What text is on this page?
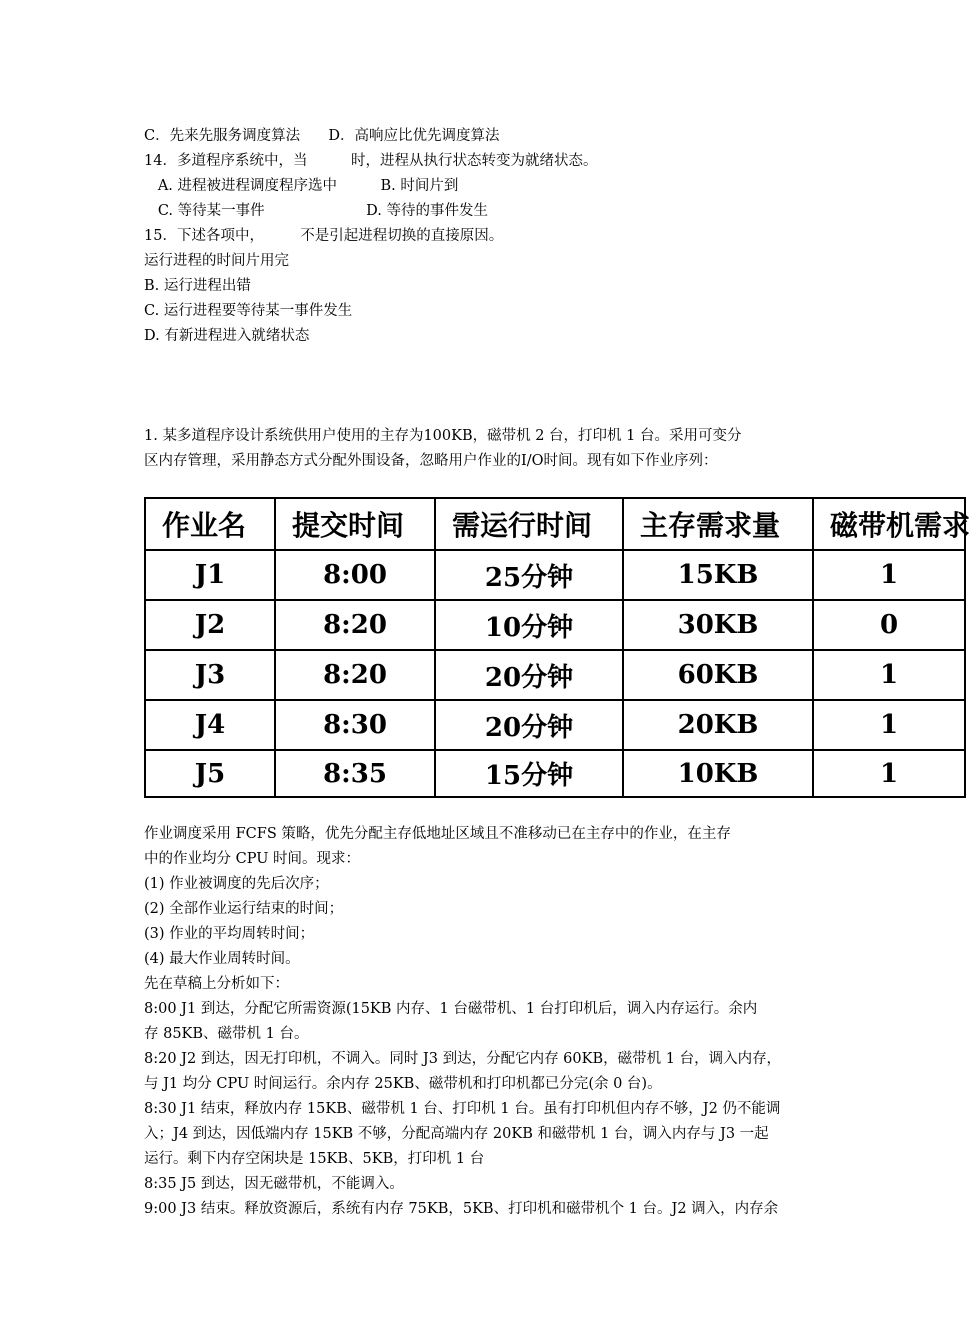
C．先来先服务调度算法　   D．高响应比优先调度算法
14．多道程序系统中，当　　　时，进程从执行状态转变为就绪状态。
A. 进程被进程调度程序选中　　　B. 时间片到
C. 等待某一事件　　　　　　　D. 等待的事件发生
15．下述各项中，　　　不是引起进程切换的直接原因。
运行进程的时间片用完
B. 运行进程出错
C. 运行进程要等待某一事件发生
D. 有新进程进入就绪状态
1. 某多道程序设计系统供用户使用的主存为100KB，磁带机 2 台，打印机 1 台。采用可变分
区内存管理，采用静态方式分配外围设备，忽略用户作业的I/O时间。现有如下作业序列：
作业名	提交时间	需运行时间	主存需求量	磁带机需求
J1	8:00	25分钟	15KB	1
J2	8:20	10分钟	30KB	0
J3	8:20	20分钟	60KB	1
J4	8:30	20分钟	20KB	1
J5	8:35	15分钟	10KB	1
作业调度采用 FCFS 策略，优先分配主存低地址区域且不准移动已在主存中的作业，在主存
中的作业均分 CPU 时间。现求：
(1) 作业被调度的先后次序；
(2) 全部作业运行结束的时间；
(3) 作业的平均周转时间；
(4) 最大作业周转时间。
先在草稿上分析如下：
8:00 J1 到达，分配它所需资源(15KB 内存、1 台磁带机、1 台打印机后，调入内存运行。余内
存 85KB、磁带机 1 台。
8:20 J2 到达，因无打印机，不调入。同时 J3 到达，分配它内存 60KB，磁带机 1 台，调入内存，
与 J1 均分 CPU 时间运行。余内存 25KB、磁带机和打印机都已分完(余 0 台)。
8:30 J1 结束，释放内存 15KB、磁带机 1 台、打印机 1 台。虽有打印机但内存不够，J2 仍不能调
入；J4 到达，因低端内存 15KB 不够，分配高端内存 20KB 和磁带机 1 台，调入内存与 J3 一起
运行。剩下内存空闲块是 15KB、5KB，打印机 1 台
8:35 J5 到达，因无磁带机，不能调入。
9:00 J3 结束。释放资源后，系统有内存 75KB，5KB、打印机和磁带机个 1 台。J2 调入，内存余
